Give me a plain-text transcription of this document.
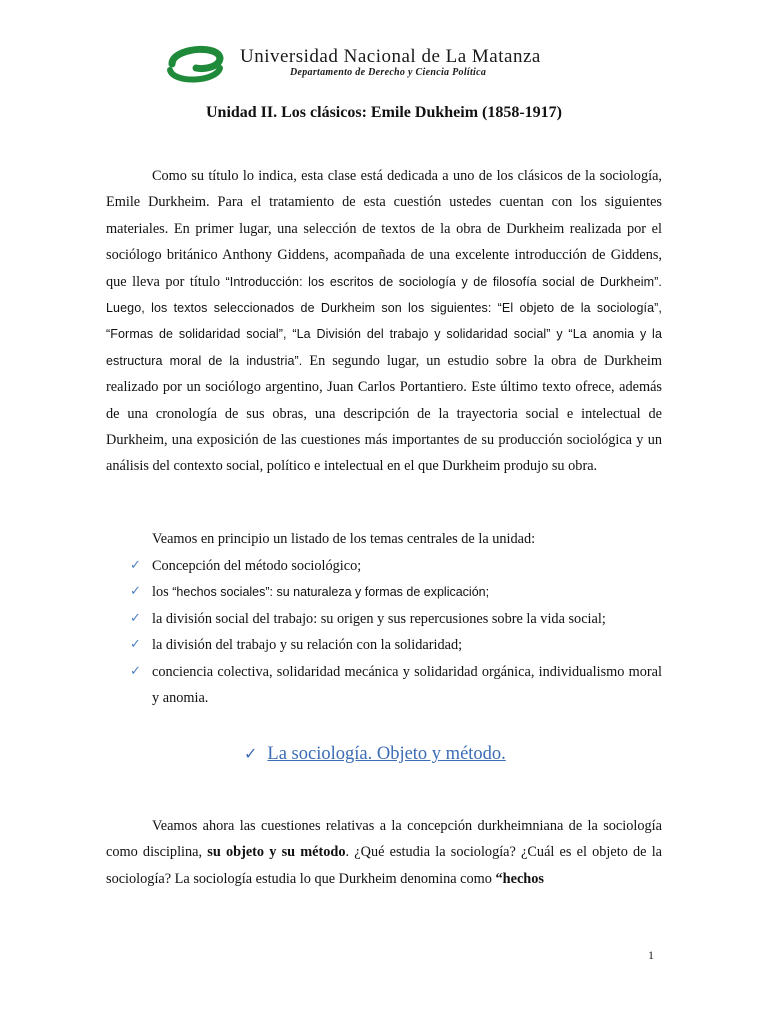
Universidad Nacional de La Matanza
Departamento de Derecho y Ciencia Política
Unidad II. Los clásicos: Emile Dukheim (1858-1917)
Como su título lo indica, esta clase está dedicada a uno de los clásicos de la sociología, Emile Durkheim. Para el tratamiento de esta cuestión ustedes cuentan con los siguientes materiales. En primer lugar, una selección de textos de la obra de Durkheim realizada por el sociólogo británico Anthony Giddens, acompañada de una excelente introducción de Giddens, que lleva por título “Introducción: los escritos de sociología y de filosofía social de Durkheim”. Luego, los textos seleccionados de Durkheim son los siguientes: “El objeto de la sociología”, “Formas de solidaridad social”, “La División del trabajo y solidaridad social” y “La anomia y la estructura moral de la industria”. En segundo lugar, un estudio sobre la obra de Durkheim realizado por un sociólogo argentino, Juan Carlos Portantiero. Este último texto ofrece, además de una cronología de sus obras, una descripción de la trayectoria social e intelectual de Durkheim, una exposición de las cuestiones más importantes de su producción sociológica y un análisis del contexto social, político e intelectual en el que Durkheim produjo su obra.
Veamos en principio un listado de los temas centrales de la unidad:
✓ Concepción del método sociológico;
✓ los “hechos sociales”: su naturaleza y formas de explicación;
✓ la división social del trabajo: su origen y sus repercusiones sobre la vida social;
✓ la división del trabajo y su relación con la solidaridad;
✓ conciencia colectiva, solidaridad mecánica y solidaridad orgánica, individualismo moral y anomia.
✓ La sociología. Objeto y método.
Veamos ahora las cuestiones relativas a la concepción durkheimniana de la sociología como disciplina, su objeto y su método. ¿Qué estudia la sociología? ¿Cuál es el objeto de la sociología? La sociología estudia lo que Durkheim denomina como “hechos
1
